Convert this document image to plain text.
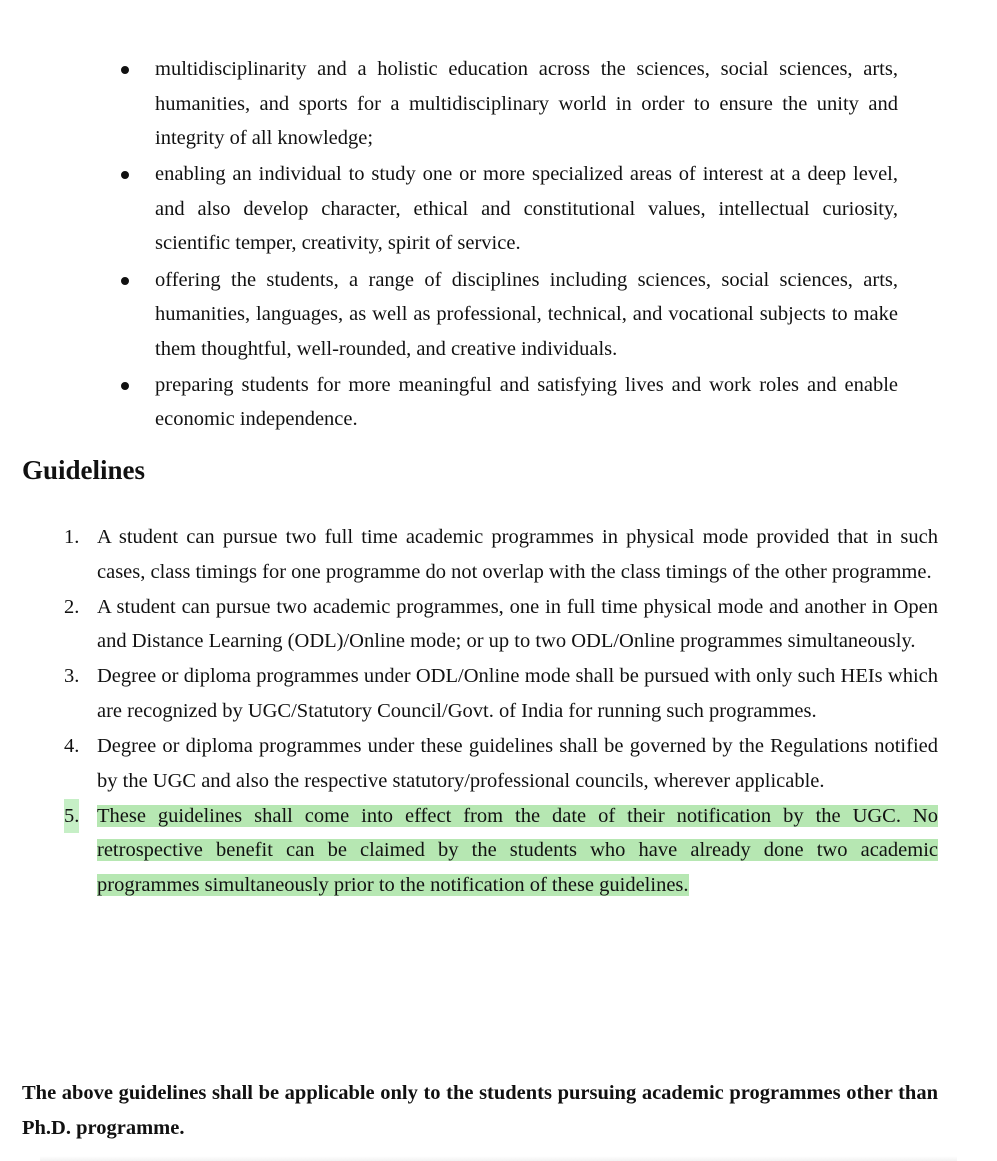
multidisciplinarity and a holistic education across the sciences, social sciences, arts, humanities, and sports for a multidisciplinary world in order to ensure the unity and integrity of all knowledge;
enabling an individual to study one or more specialized areas of interest at a deep level, and also develop character, ethical and constitutional values, intellectual curiosity, scientific temper, creativity, spirit of service.
offering the students, a range of disciplines including sciences, social sciences, arts, humanities, languages, as well as professional, technical, and vocational subjects to make them thoughtful, well-rounded, and creative individuals.
preparing students for more meaningful and satisfying lives and work roles and enable economic independence.
Guidelines
1. A student can pursue two full time academic programmes in physical mode provided that in such cases, class timings for one programme do not overlap with the class timings of the other programme.
2. A student can pursue two academic programmes, one in full time physical mode and another in Open and Distance Learning (ODL)/Online mode; or up to two ODL/Online programmes simultaneously.
3. Degree or diploma programmes under ODL/Online mode shall be pursued with only such HEIs which are recognized by UGC/Statutory Council/Govt. of India for running such programmes.
4. Degree or diploma programmes under these guidelines shall be governed by the Regulations notified by the UGC and also the respective statutory/professional councils, wherever applicable.
5. These guidelines shall come into effect from the date of their notification by the UGC. No retrospective benefit can be claimed by the students who have already done two academic programmes simultaneously prior to the notification of these guidelines.

The above guidelines shall be applicable only to the students pursuing academic programmes other than Ph.D. programme.
